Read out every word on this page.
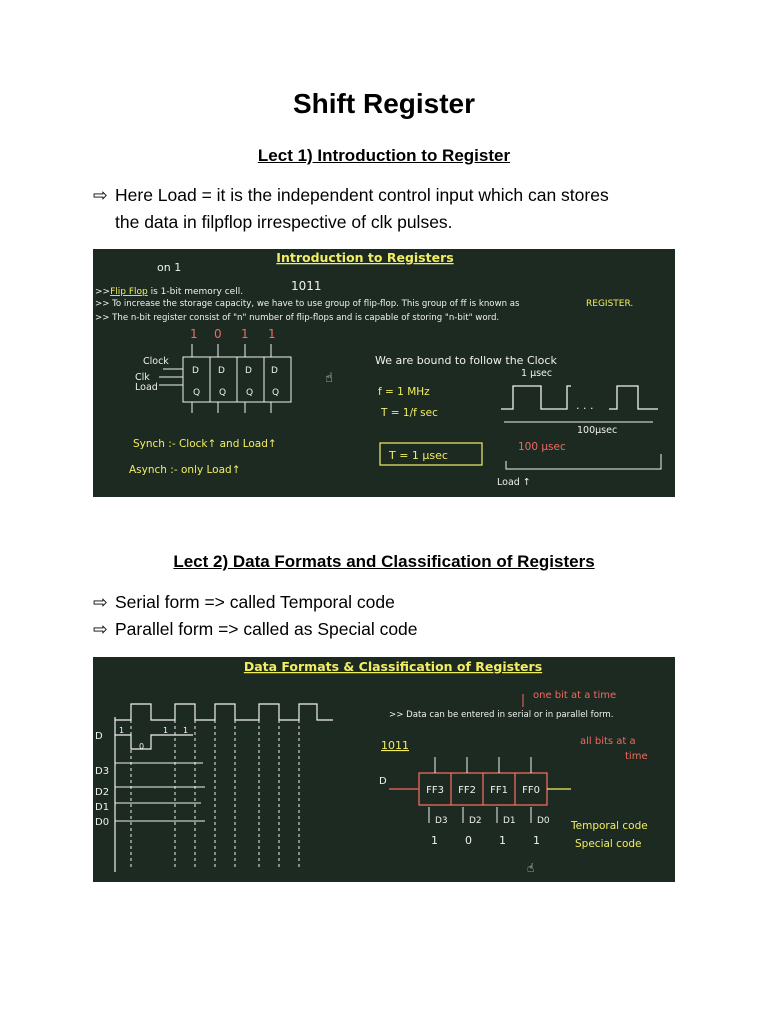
Shift Register
Lect 1) Introduction to Register
⇨ Here Load = it is the independent control input which can stores
the data in filpflop irrespective of clk pulses.
Introduction to Registers
on 1
1011
>>Flip Flop is 1-bit memory cell.
>> To increase the storage capacity, we have to use group of flip-flop. This group of ff is known as	REGISTER.
>> The n-bit register consist of "n" number of flip-flops and is capable of storing "n-bit" word.
1 0 1 1
D D D D
Q Q Q Q
Clock
Clk
Load
☝
We are bound to follow the Clock
f = 1 MHz
T = 1/f sec
T = 1 μsec
1 μsec
. . .
100μsec
100 μsec
Load ↑
Synch :- Clock↑ and Load↑
Asynch :- only Load↑
Lect 2) Data Formats and Classification of Registers
⇨ Serial form => called Temporal code
⇨ Parallel form => called as Special code
Data Formats & Classification of Registers
1
0
1 1
D
D3
D2
D1
D0
one bit at a time
>> Data can be entered in serial or in parallel form.
all bits at a
time
1011
D
FF3 FF2 FF1 FF0
D3 D2 D1 D0
1 0 1 1
Temporal code
Special code
☝
